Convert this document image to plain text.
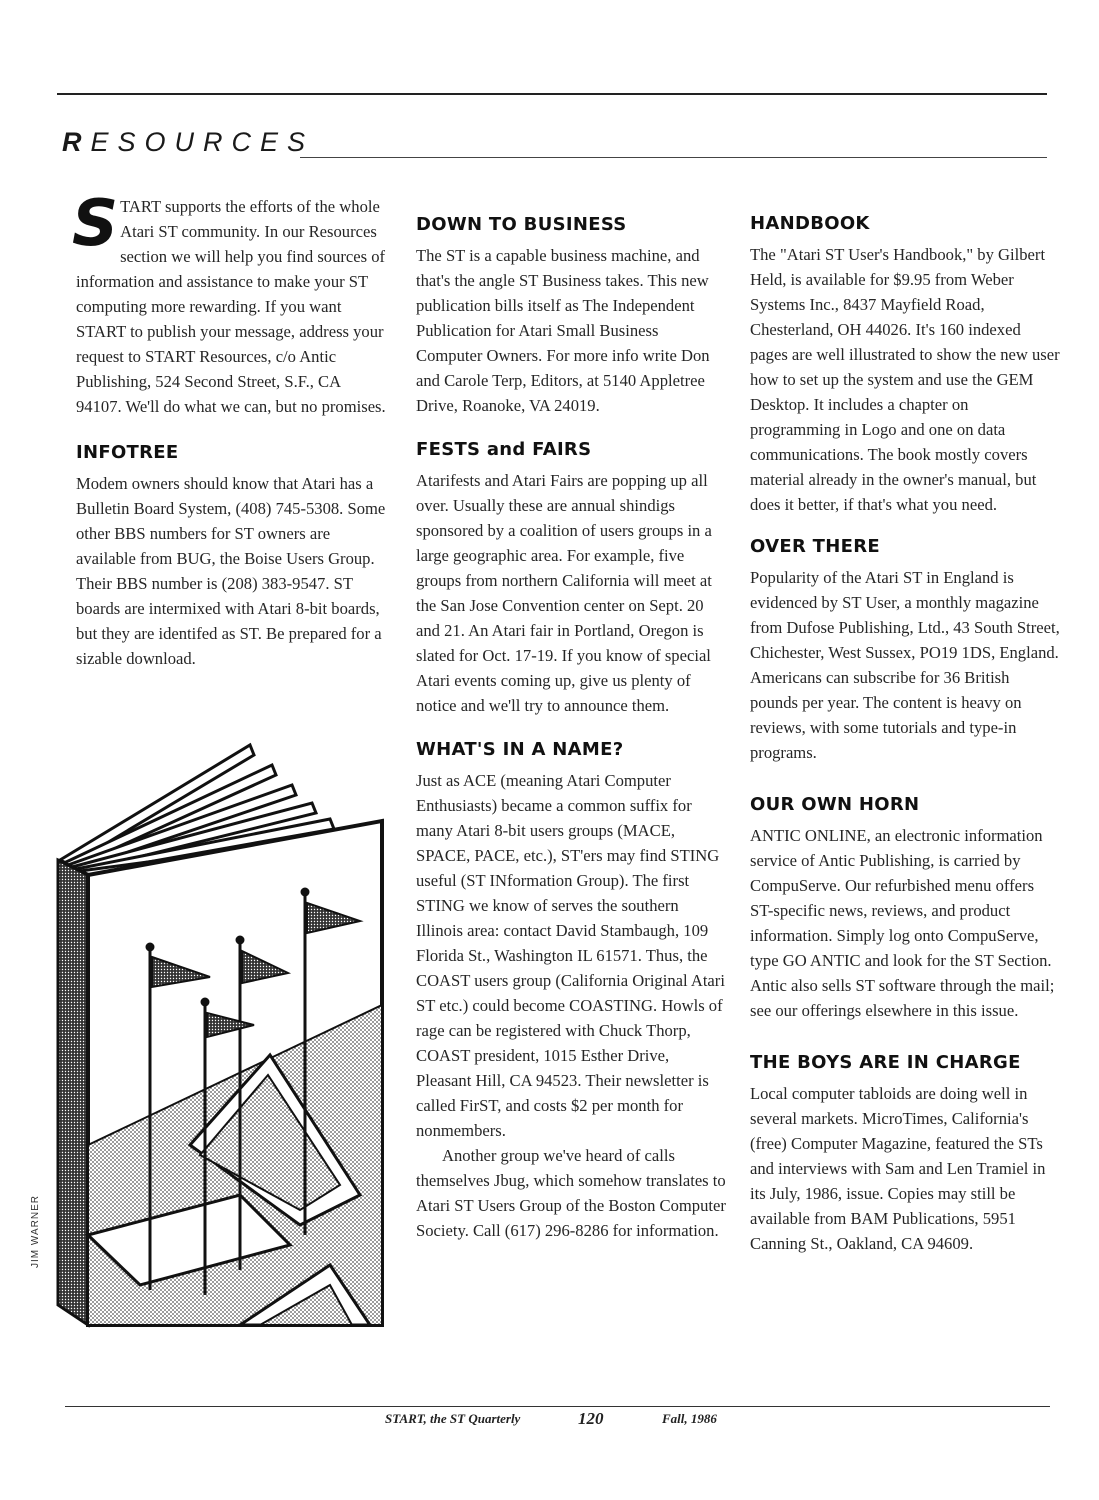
RESOURCES

START supports the efforts of the whole Atari ST community. In our Resources section we will help you find sources of information and assistance to make your ST computing more rewarding. If you want START to publish your message, address your request to START Resources, c/o Antic Publishing, 524 Second Street, S.F., CA 94107. We'll do what we can, but no promises.

INFOTREE

Modem owners should know that Atari has a Bulletin Board System, (408) 745-5308. Some other BBS numbers for ST owners are available from BUG, the Boise Users Group. Their BBS number is (208) 383-9547. ST boards are intermixed with Atari 8-bit boards, but they are identifed as ST. Be prepared for a sizable download.

JIM WARNER
DOWN TO BUSINESS

The ST is a capable business machine, and that's the angle ST Business takes. This new publication bills itself as The Independent Publication for Atari Small Business Computer Owners. For more info write Don and Carole Terp, Editors, at 5140 Appletree Drive, Roanoke, VA 24019.

FESTS and FAIRS

Atarifests and Atari Fairs are popping up all over. Usually these are annual shindigs sponsored by a coalition of users groups in a large geographic area. For example, five groups from northern California will meet at the San Jose Convention center on Sept. 20 and 21. An Atari fair in Portland, Oregon is slated for Oct. 17-19. If you know of special Atari events coming up, give us plenty of notice and we'll try to announce them.

WHAT'S IN A NAME?

Just as ACE (meaning Atari Computer Enthusiasts) became a common suffix for many Atari 8-bit users groups (MACE, SPACE, PACE, etc.), ST'ers may find STING useful (ST INformation Group). The first STING we know of serves the southern Illinois area: contact David Stambaugh, 109 Florida St., Washington IL 61571. Thus, the COAST users group (California Original Atari ST etc.) could become COASTING. Howls of rage can be registered with Chuck Thorp, COAST president, 1015 Esther Drive, Pleasant Hill, CA 94523. Their newsletter is called FirST, and costs $2 per month for nonmembers.

Another group we've heard of calls themselves Jbug, which somehow translates to Atari ST Users Group of the Boston Computer Society. Call (617) 296-8286 for information.

HANDBOOK

The "Atari ST User's Handbook," by Gilbert Held, is available for $9.95 from Weber Systems Inc., 8437 Mayfield Road, Chesterland, OH 44026. It's 160 indexed pages are well illustrated to show the new user how to set up the system and use the GEM Desktop. It includes a chapter on programming in Logo and one on data communications. The book mostly covers material already in the owner's manual, but does it better, if that's what you need.

OVER THERE

Popularity of the Atari ST in England is evidenced by ST User, a monthly magazine from Dufose Publishing, Ltd., 43 South Street, Chichester, West Sussex, PO19 1DS, England. Americans can subscribe for 36 British pounds per year. The content is heavy on reviews, with some tutorials and type-in programs.

OUR OWN HORN

ANTIC ONLINE, an electronic information service of Antic Publishing, is carried by CompuServe. Our refurbished menu offers ST-specific news, reviews, and product information. Simply log onto CompuServe, type GO ANTIC and look for the ST Section. Antic also sells ST software through the mail; see our offerings elsewhere in this issue.

THE BOYS ARE IN CHARGE

Local computer tabloids are doing well in several markets. MicroTimes, California's (free) Computer Magazine, featured the STs and interviews with Sam and Len Tramiel in its July, 1986, issue. Copies may still be available from BAM Publications, 5951 Canning St., Oakland, CA 94609.

START, the ST Quarterly	120	Fall, 1986
